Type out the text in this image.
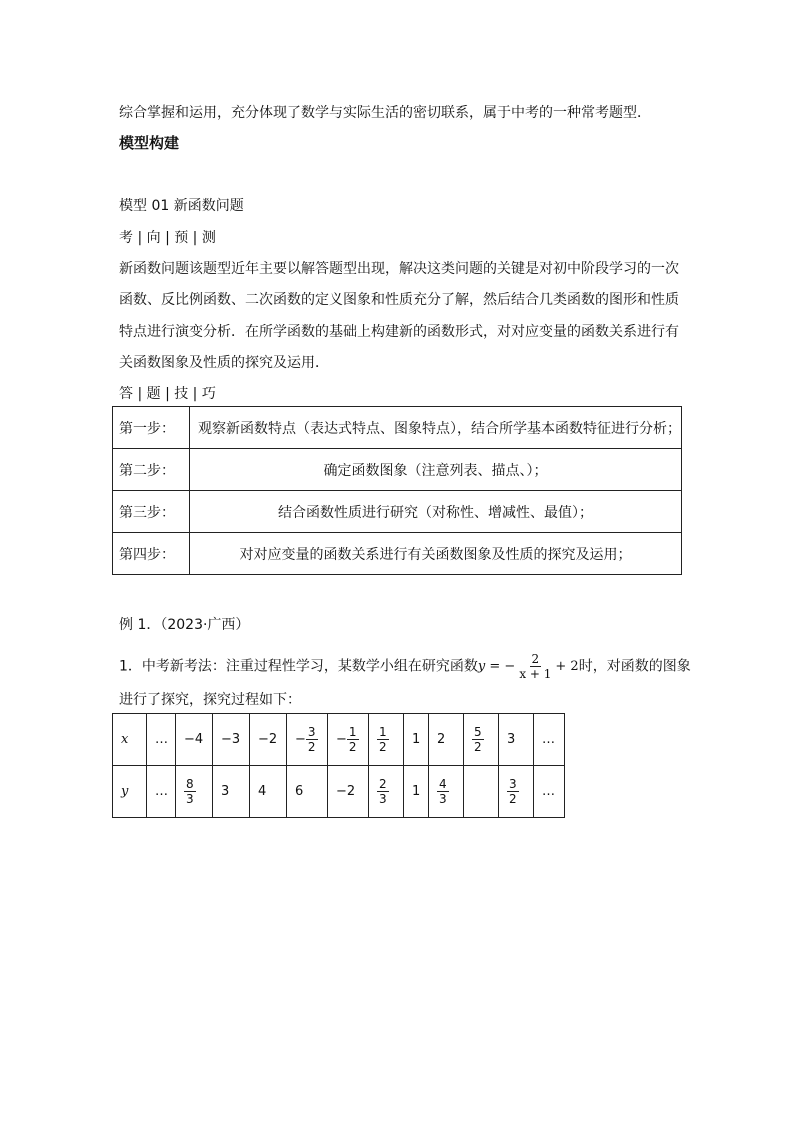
综合掌握和运用，充分体现了数学与实际生活的密切联系，属于中考的一种常考题型．
模型构建
模型 01 新函数问题
考 | 向 | 预 | 测
新函数问题该题型近年主要以解答题型出现，解决这类问题的关键是对初中阶段学习的一次
函数、反比例函数、二次函数的定义图象和性质充分了解，然后结合几类函数的图形和性质
特点进行演变分析．在所学函数的基础上构建新的函数形式，对对应变量的函数关系进行有
关函数图象及性质的探究及运用．
答 | 题 | 技 | 巧
第一步：	观察新函数特点（表达式特点、图象特点），结合所学基本函数特征进行分析；
第二步：	确定函数图象（注意列表、描点、）；
第三步：	结合函数性质进行研究（对称性、增减性、最值）；
第四步：	对对应变量的函数关系进行有关函数图象及性质的探究及运用；
例 1．（2023·广西）
1．中考新考法：注重过程性学习，某数学小组在研究函数 y = − $\frac{2}{x + 1} + 2$ 时，对函数的图象
进行了探究，探究过程如下：
x	…	−4	−3	−2	− $\frac{3}{2}$	− $\frac{1}{2}$	$\frac{1}{2}$	1	2	$\frac{5}{2}$	3	…
y	…	$\frac{8}{3}$	3	4	6	−2	$\frac{2}{3}$	1	$\frac{4}{3}$		$\frac{3}{2}$	…
